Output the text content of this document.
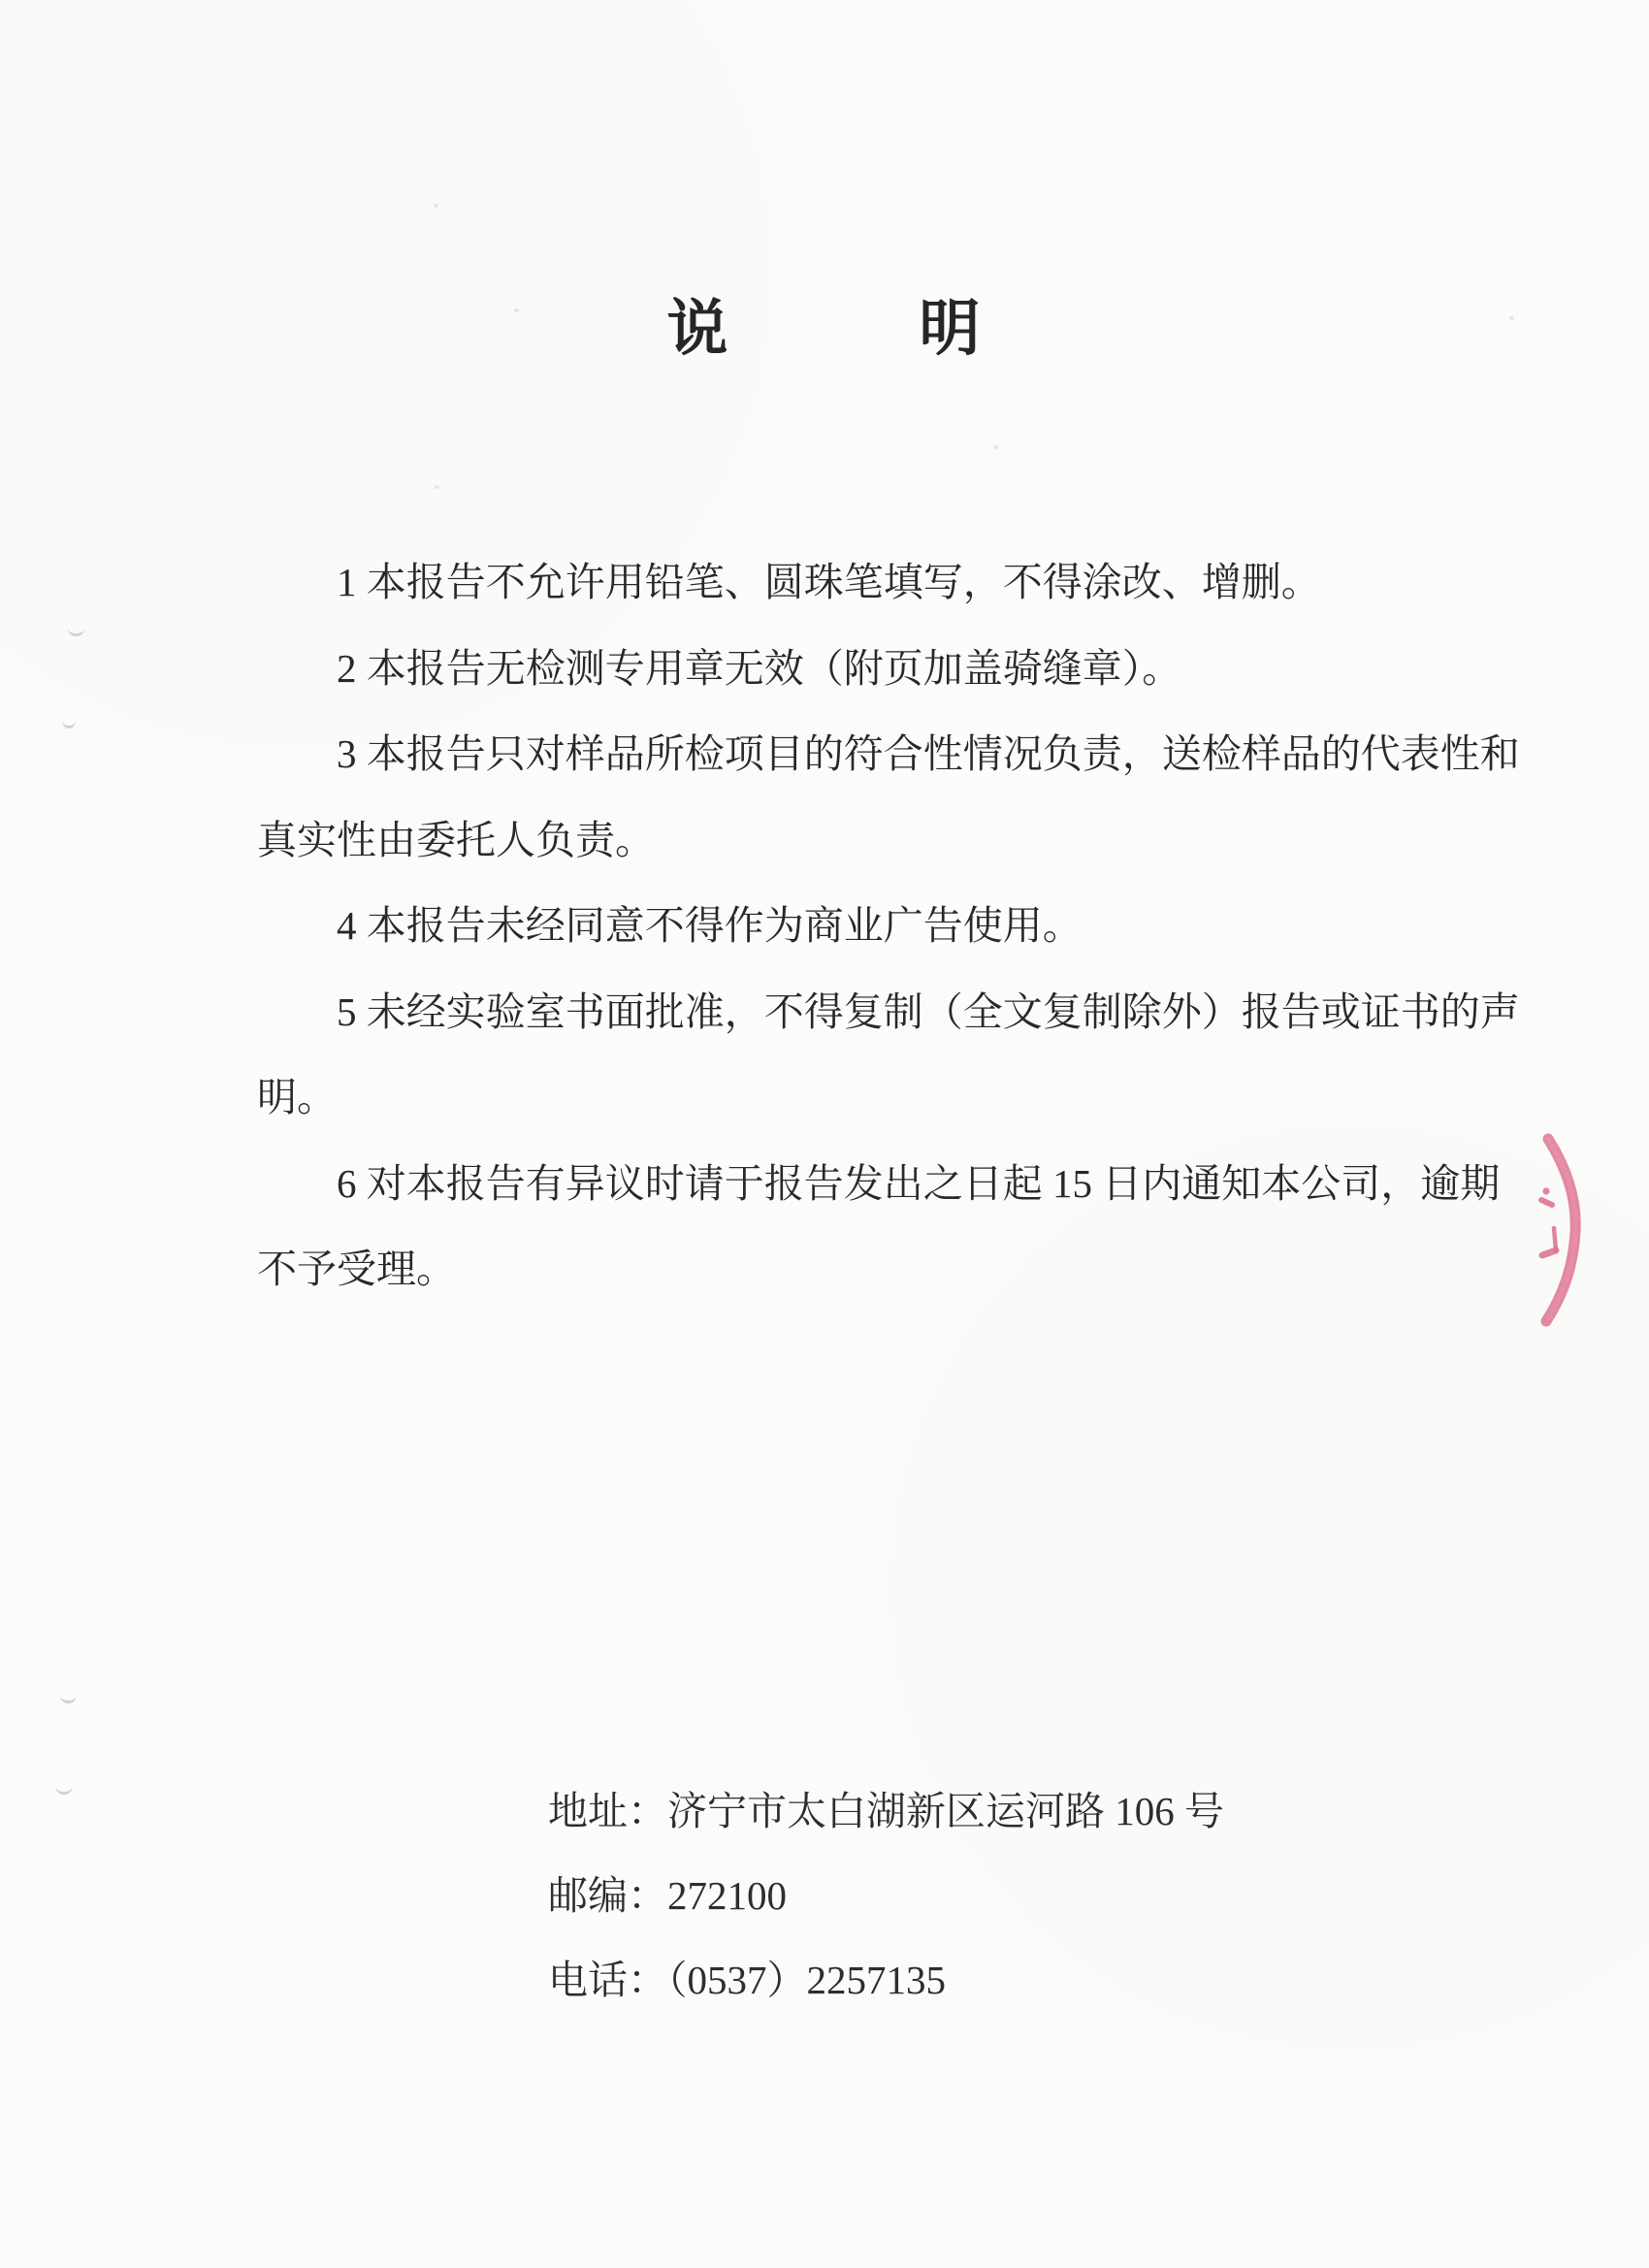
说　　　明
1 本报告不允许用铅笔、圆珠笔填写，不得涂改、增删。
2 本报告无检测专用章无效（附页加盖骑缝章）。
3 本报告只对样品所检项目的符合性情况负责，送检样品的代表性和
真实性由委托人负责。
4 本报告未经同意不得作为商业广告使用。
5 未经实验室书面批准，不得复制（全文复制除外）报告或证书的声
明。
6 对本报告有异议时请于报告发出之日起 15 日内通知本公司，逾期
不予受理。
地址：济宁市太白湖新区运河路 106 号
邮编：272100
电话：（0537）2257135
